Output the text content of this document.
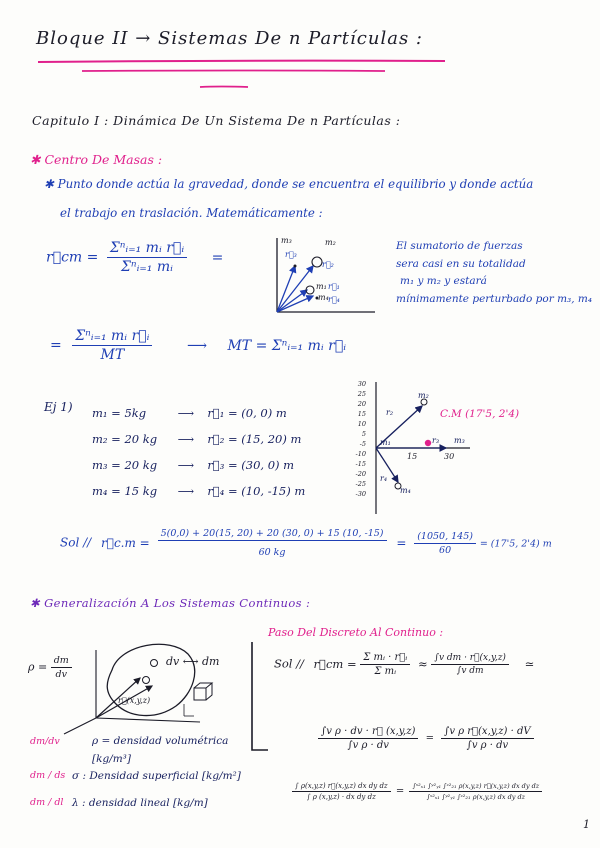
Bloque II → Sistemas De n Partículas :
Capitulo I : Dinámica De Un Sistema De n Partículas :
✱ Centro De Masas :
✱ Punto donde actúa la gravedad, donde se encuentra el equilibrio y donde actúa
el trabajo en traslación. Matemáticamente :
r⃗cm = $\frac{\text{Σⁿᵢ₌₁ mᵢ r⃗ᵢ}}{\text{Σⁿᵢ₌₁ mᵢ}}$ =
m₃	m₂
r⃗₃
r⃗₂
m₁ r⃗₁
m₄ r⃗₄
El sumatorio de fuerzas
sera casi en su totalidad
m₁ y m₂ y estará
mínimamente perturbado por m₃, m₄
= $\frac{\text{Σⁿᵢ₌₁ mᵢ r⃗ᵢ}}{MT}$ ⟶ MT = Σⁿᵢ₌₁ mᵢ r⃗ᵢ
Ej 1) m₁ = 5kg	⟶ r⃗₁ = (0, 0) m
m₂ = 20 kg ⟶ r⃗₂ = (15, 20) m
m₃ = 20 kg ⟶ r⃗₃ = (30, 0) m
m₄ = 15 kg ⟶ r⃗₄ = (10, -15) m
30
25
20
15
10
5
-5
-10
-15
-20
-25
-30
15	30
m₂
r₂
m₁	r₃ m₃
r₄
m₄
C.M (17'5, 2'4)
Sol // r⃗c.m = $\frac{5(0,0) + 20(15, 20) + 20 (30, 0) + 15 (10, -15)}{60 kg} = \frac{(1050, 145)}{60} = (17'5$, 2'4) m
✱ Generalización A Los Sistemas Continuos :
$\rho = \frac{dm}{dv}$	dv ⟷ dm
r⃗(x,y,z)
dm/dv	ρ = densidad volumétrica [kg/m³]
dm / ds σ : Densidad superficial [kg/m²]
dm / dl λ : densidad lineal [kg/m]
Paso Del Discreto Al Continuo :
Sol // r⃗cm = $\frac{\text{Σ mᵢ · r⃗ᵢ}}{\text{Σ mᵢ}} \approx \frac{\text{∫v dm · r⃗(x,y,z)}}{\text{∫v dm}}$ ≃
$\frac{\text{∫v ρ · dv · r⃗ (x,y,z)}}{\text{∫v ρ · dv}} = \frac{\text{∫v ρ r⃗(x,y,z) · dV}}{\text{∫v ρ · dv}}$
$\frac{\text{∫ ρ(x,y,z) r⃗(x,y,z) dx dy dz}}{\text{∫ ρ (x,y,z) · dx dy dz}} = \frac{\text{∫ˣ²ₓ₁ ∫ʸ²ᵧ₁ ∫ᶻ²₂₁ ρ(x,y,z) r⃗(x,y,z) dx dy dz}}{\text{∫ˣ²ₓ₁ ∫ʸ²ᵧ₁ ∫ᶻ²₂₁ ρ(x,y,z) dx dy dz}}$
1
